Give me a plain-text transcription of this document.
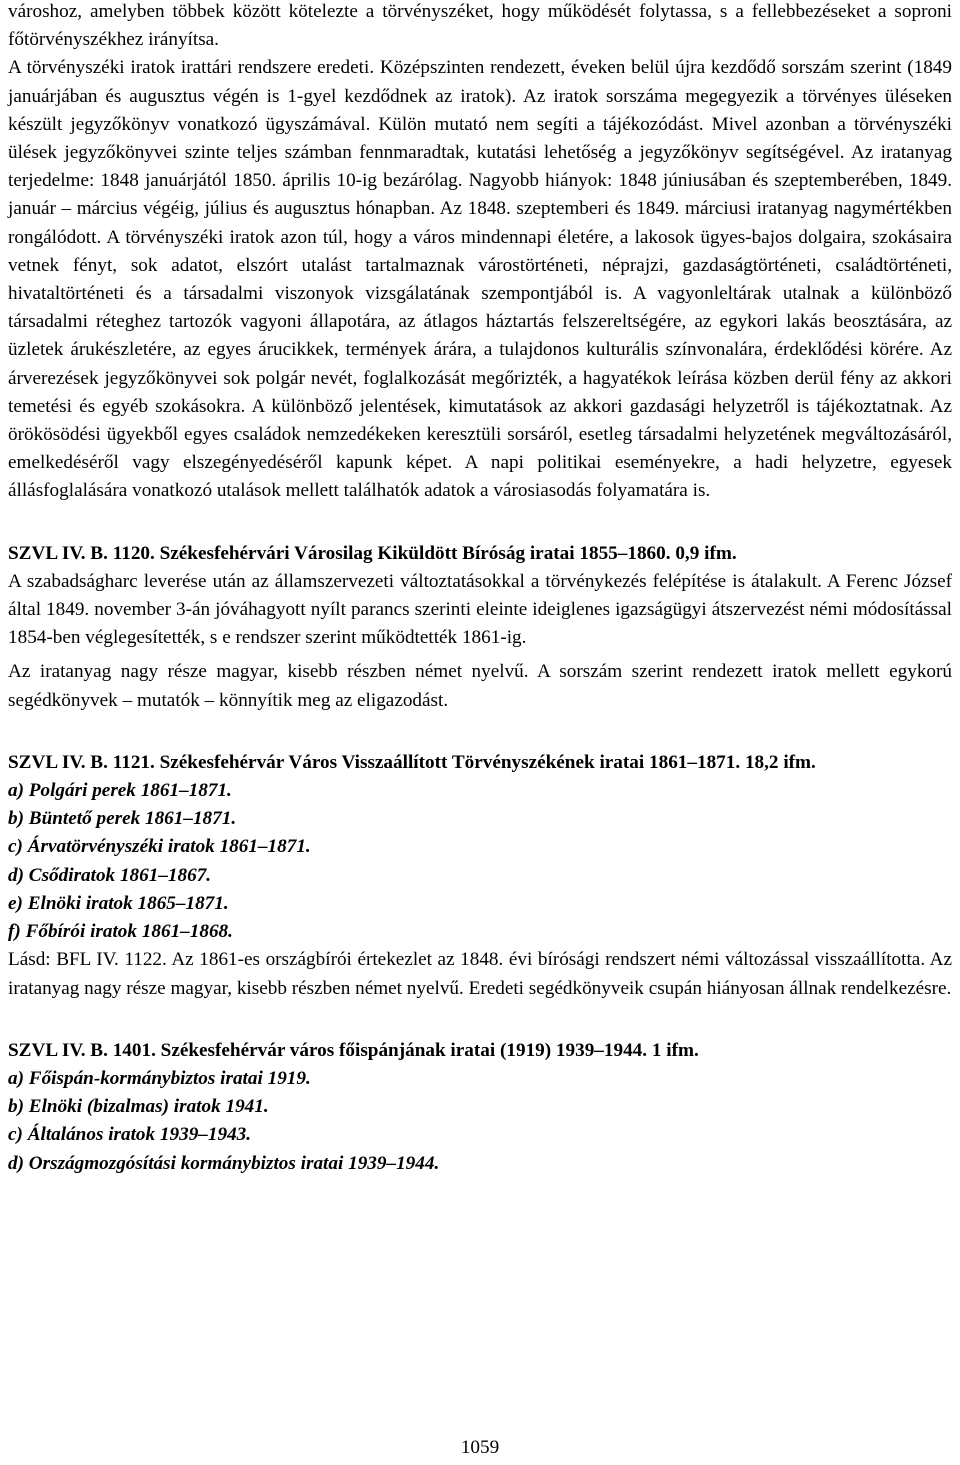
városhoz, amelyben többek között kötelezte a törvényszéket, hogy működését folytassa, s a fellebbezéseket a soproni főtörvényszékhez irányítsa.

A törvényszéki iratok irattári rendszere eredeti. Középszinten rendezett, éveken belül újra kezdődő sorszám szerint (1849 januárjában és augusztus végén is 1-gyel kezdődnek az iratok). Az iratok sorszáma megegyezik a törvényes üléseken készült jegyzőkönyv vonatkozó ügyszámával. Külön mutató nem segíti a tájékozódást. Mivel azonban a törvényszéki ülések jegyzőkönyvei szinte teljes számban fennmaradtak, kutatási lehetőség a jegyzőkönyv segítségével. Az iratanyag terjedelme: 1848 januárjától 1850. április 10-ig bezárólag. Nagyobb hiányok: 1848 júniusában és szeptemberében, 1849. január – március végéig, július és augusztus hónapban. Az 1848. szeptemberi és 1849. márciusi iratanyag nagymértékben rongálódott. A törvényszéki iratok azon túl, hogy a város mindennapi életére, a lakosok ügyes-bajos dolgaira, szokásaira vetnek fényt, sok adatot, elszórt utalást tartalmaznak várostörténeti, néprajzi, gazdaságtörténeti, családtörténeti, hivataltörténeti és a társadalmi viszonyok vizsgálatának szempontjából is. A vagyonleltárak utalnak a különböző társadalmi réteghez tartozók vagyoni állapotára, az átlagos háztartás felszereltségére, az egykori lakás beosztására, az üzletek árukészletére, az egyes árucikkek, termények árára, a tulajdonos kulturális színvonalára, érdeklődési körére. Az árverezések jegyzőkönyvei sok polgár nevét, foglalkozását megőrizték, a hagyatékok leírása közben derül fény az akkori temetési és egyéb szokásokra. A különböző jelentések, kimutatások az akkori gazdasági helyzetről is tájékoztatnak. Az örökösödési ügyekből egyes családok nemzedékeken keresztüli sorsáról, esetleg társadalmi helyzetének megváltozásáról, emelkedéséről vagy elszegényedéséről kapunk képet. A napi politikai eseményekre, a hadi helyzetre, egyesek állásfoglalására vonatkozó utalások mellett találhatók adatok a városiasodás folyamatára is.

SZVL IV. B. 1120. Székesfehérvári Városilag Kiküldött Bíróság iratai 1855–1860. 0,9 ifm.

A szabadságharc leverése után az államszervezeti változtatásokkal a törvénykezés felépítése is átalakult. A Ferenc József által 1849. november 3-án jóváhagyott nyílt parancs szerinti eleinte ideiglenes igazságügyi átszervezést némi módosítással 1854-ben véglegesítették, s e rendszer szerint működtették 1861-ig.

Az iratanyag nagy része magyar, kisebb részben német nyelvű. A sorszám szerint rendezett iratok mellett egykorú segédkönyvek – mutatók – könnyítik meg az eligazodást.

SZVL IV. B. 1121. Székesfehérvár Város Visszaállított Törvényszékének iratai 1861–1871. 18,2 ifm.

a) Polgári perek 1861–1871.

b) Büntető perek 1861–1871.

c) Árvatörvényszéki iratok 1861–1871.

d) Csődiratok 1861–1867.

e) Elnöki iratok 1865–1871.

f) Főbírói iratok 1861–1868.

Lásd: BFL IV. 1122. Az 1861-es országbírói értekezlet az 1848. évi bírósági rendszert némi változással visszaállította. Az iratanyag nagy része magyar, kisebb részben német nyelvű. Eredeti segédkönyveik csupán hiányosan állnak rendelkezésre.

SZVL IV. B. 1401. Székesfehérvár város főispánjának iratai (1919) 1939–1944. 1 ifm.

a) Főispán-kormánybiztos iratai 1919.

b) Elnöki (bizalmas) iratok 1941.

c) Általános iratok 1939–1943.

d) Országmozgósítási kormánybiztos iratai 1939–1944.

1059
